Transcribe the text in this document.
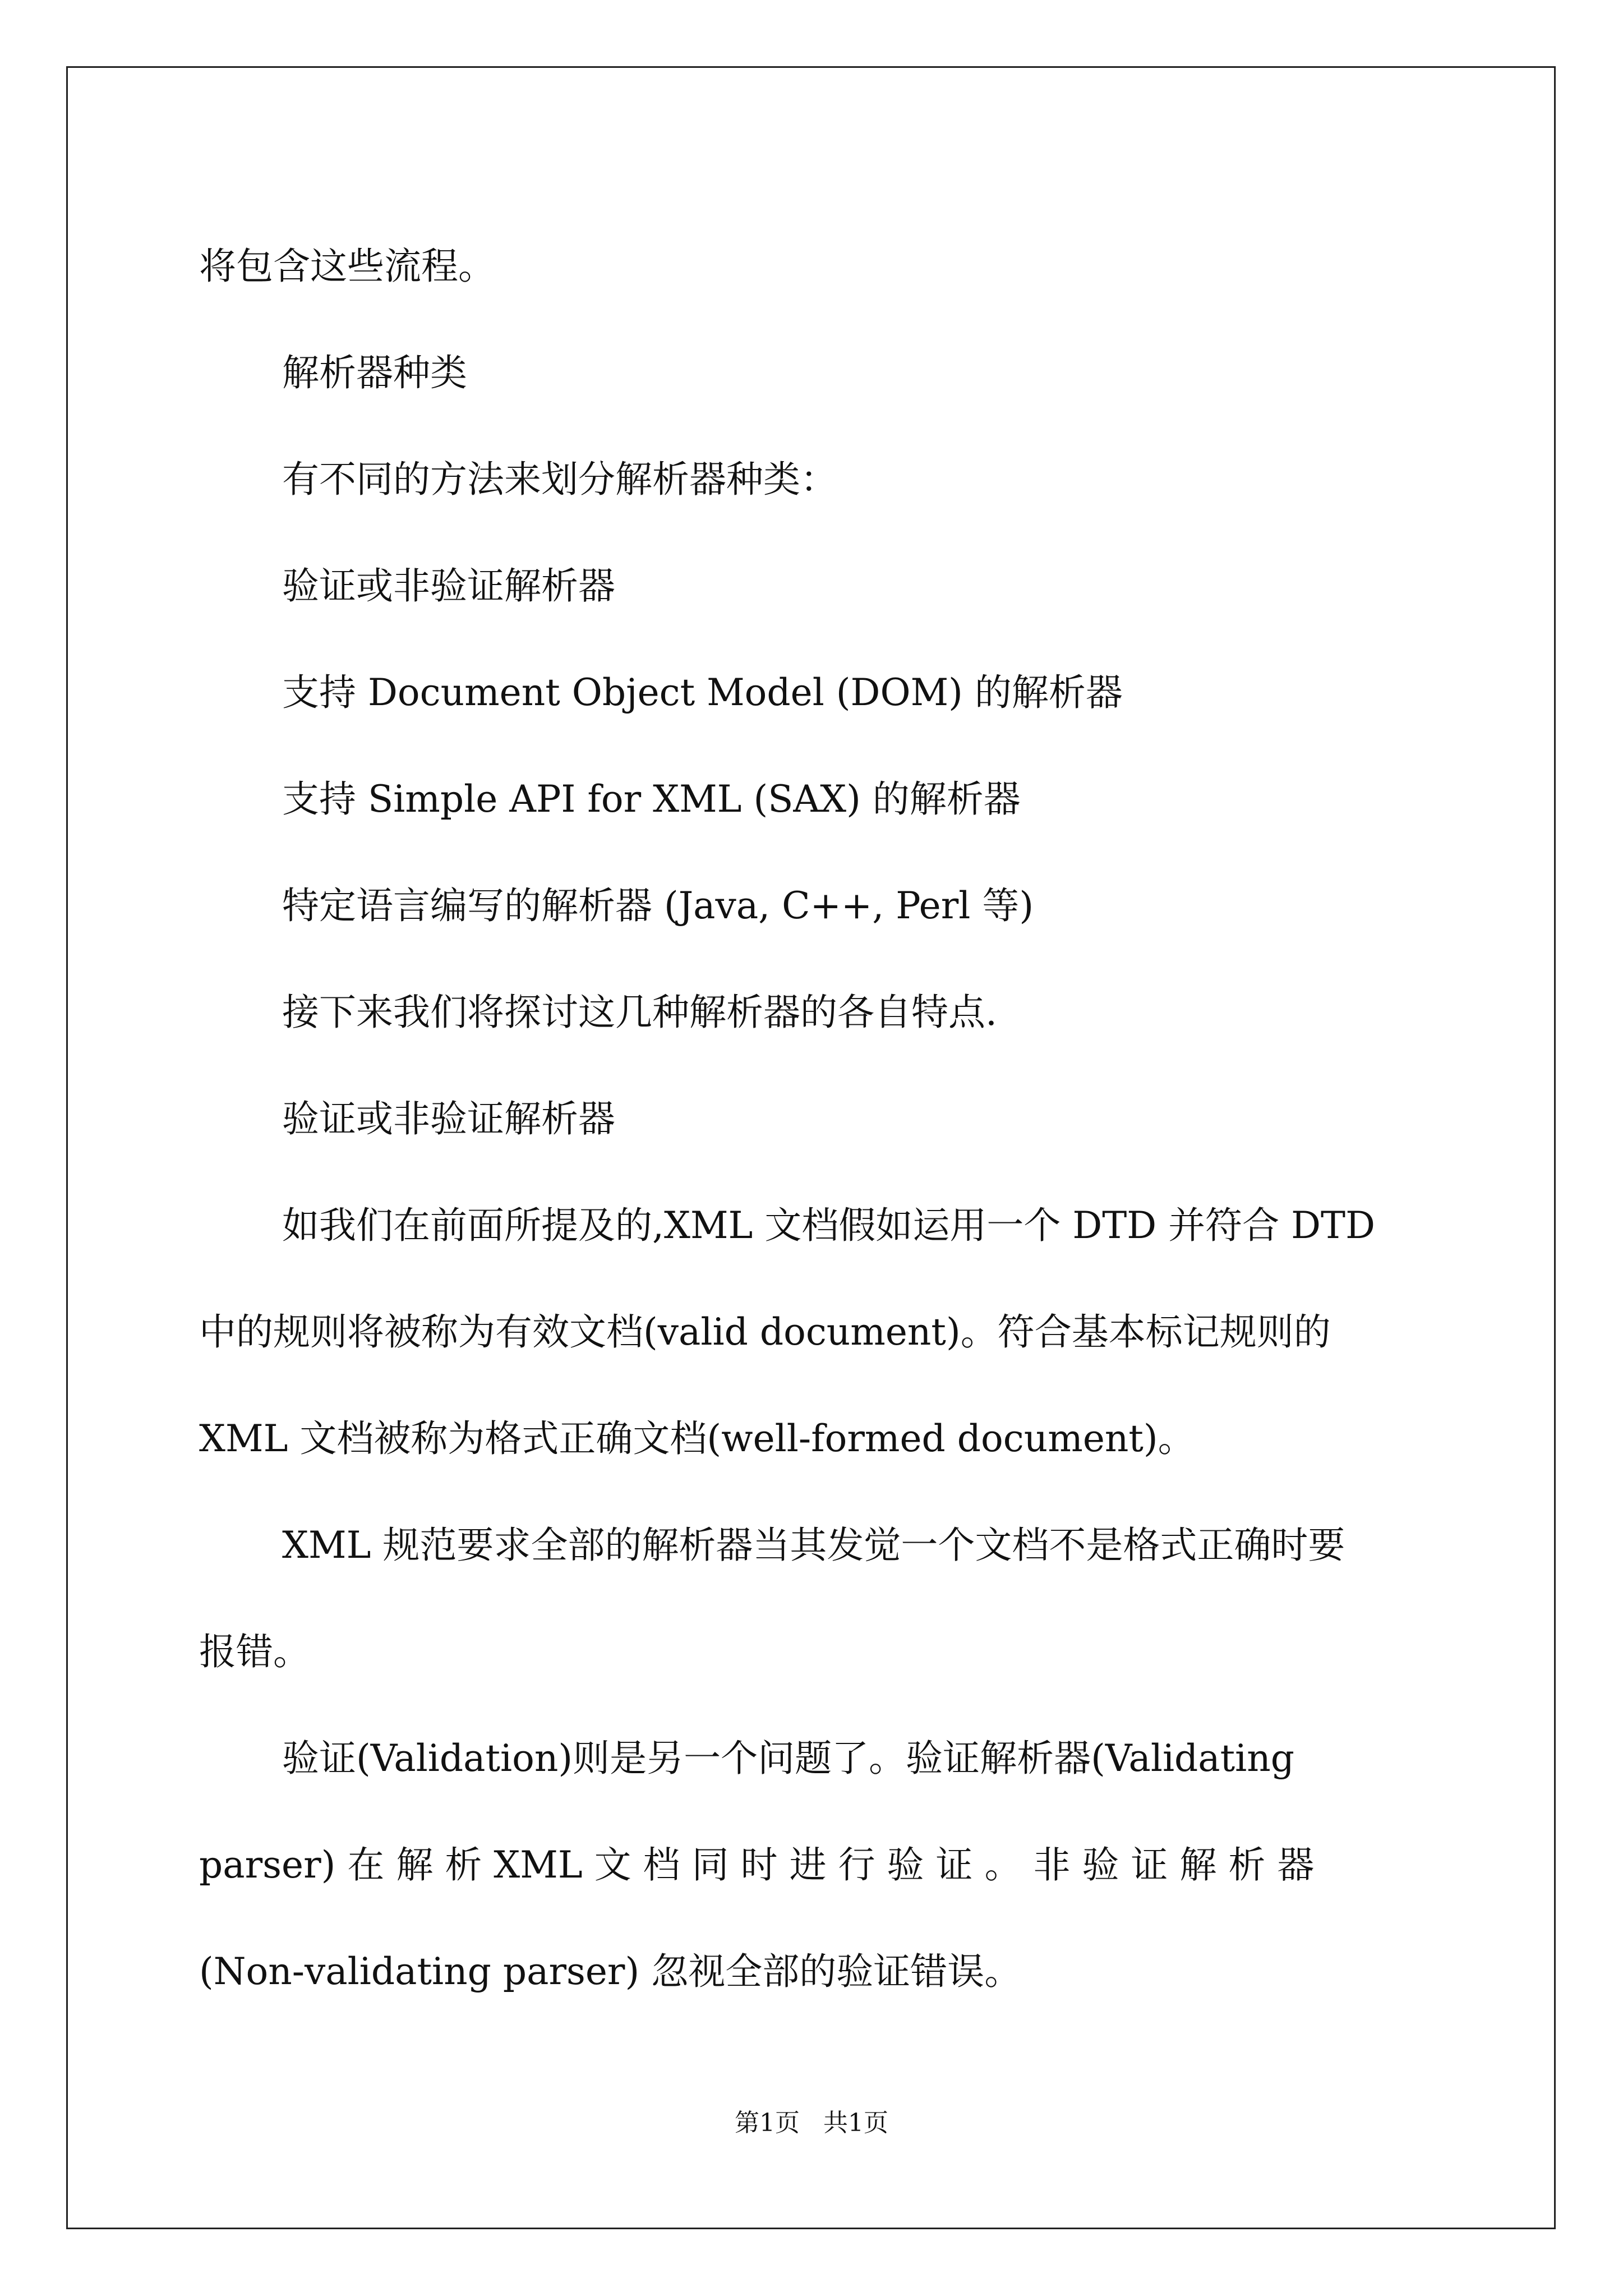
将包含这些流程。

解析器种类

有不同的方法来划分解析器种类：

验证或非验证解析器

支持 Document Object Model (DOM) 的解析器

支持 Simple API for XML (SAX) 的解析器

特定语言编写的解析器 (Java, C++, Perl 等)

接下来我们将探讨这几种解析器的各自特点.

验证或非验证解析器

如我们在前面所提及的,XML 文档假如运用一个 DTD 并符合 DTD

中的规则将被称为有效文档(valid document)。符合基本标记规则的

XML 文档被称为格式正确文档(well-formed document)。

XML 规范要求全部的解析器当其发觉一个文档不是格式正确时要

报错。

验证(Validation)则是另一个问题了。验证解析器(Validating

parser) 在 解 析 XML 文 档 同 时 进 行 验 证 。 非 验 证 解 析 器

(Non-validating parser) 忽视全部的验证错误。

第1页   共1页
